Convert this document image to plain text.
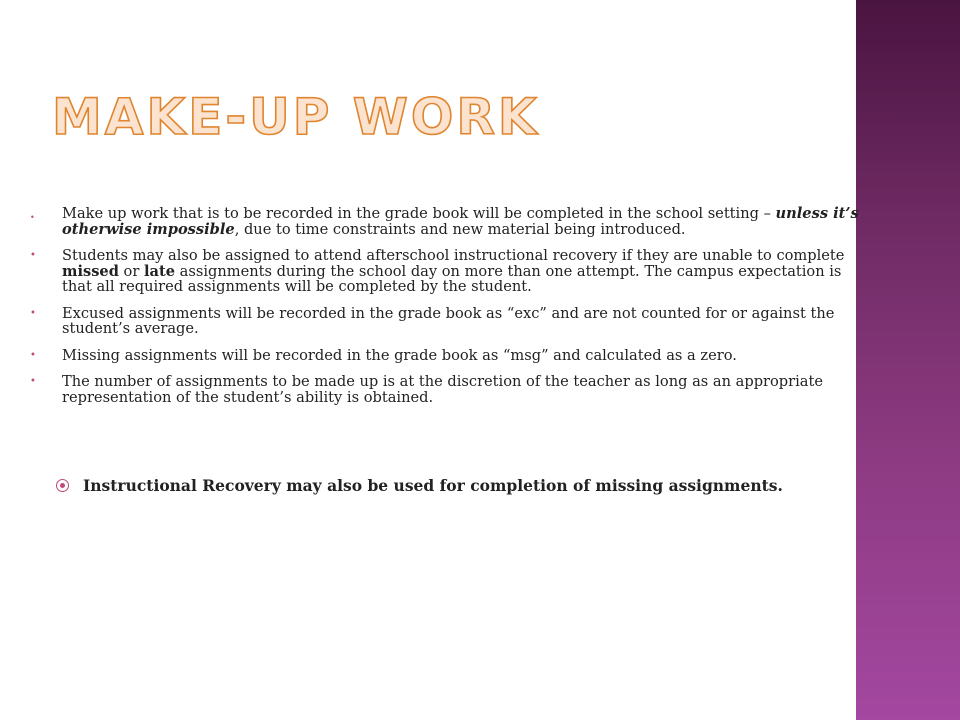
MAKE-UP WORK
• Make up work that is to be recorded in the grade book will be completed in the school setting – unless it’s otherwise impossible, due to time constraints and new material being introduced.
• Students may also be assigned to attend afterschool instructional recovery if they are unable to complete missed or late assignments during the school day on more than one attempt. The campus expectation is that all required assignments will be completed by the student.
• Excused assignments will be recorded in the grade book as “exc” and are not counted for or against the student’s average.
• Missing assignments will be recorded in the grade book as “msg” and calculated as a zero.
• The number of assignments to be made up is at the discretion of the teacher as long as an appropriate representation of the student’s ability is obtained.

Instructional Recovery may also be used for completion of missing assignments.
